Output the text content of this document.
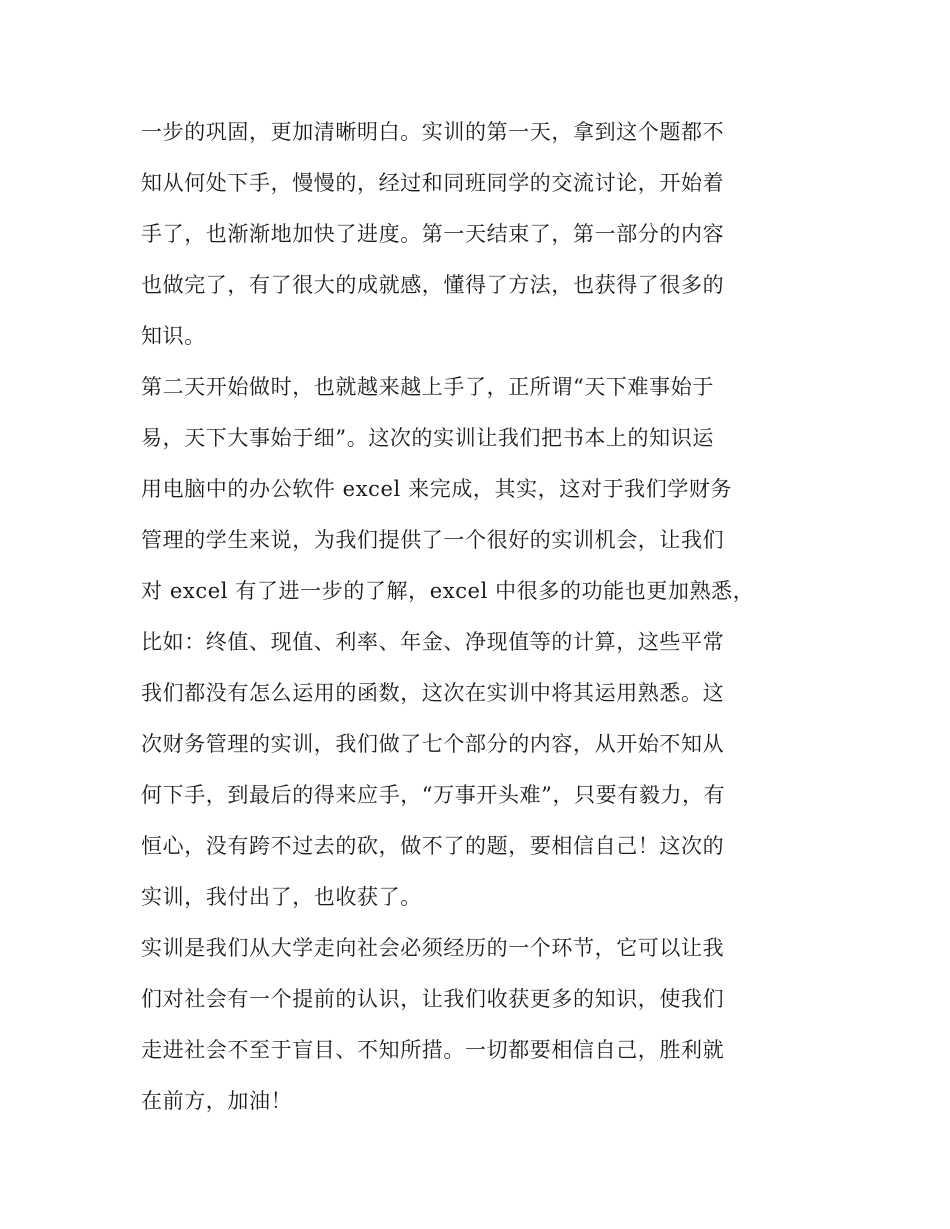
一步的巩固，更加清晰明白。实训的第一天，拿到这个题都不
知从何处下手，慢慢的，经过和同班同学的交流讨论，开始着
手了，也渐渐地加快了进度。第一天结束了，第一部分的内容
也做完了，有了很大的成就感，懂得了方法，也获得了很多的
知识。
第二天开始做时，也就越来越上手了，正所谓“天下难事始于
易，天下大事始于细”。这次的实训让我们把书本上的知识运
用电脑中的办公软件 excel 来完成，其实，这对于我们学财务
管理的学生来说，为我们提供了一个很好的实训机会，让我们
对 excel 有了进一步的了解，excel 中很多的功能也更加熟悉，
比如：终值、现值、利率、年金、净现值等的计算，这些平常
我们都没有怎么运用的函数，这次在实训中将其运用熟悉。这
次财务管理的实训，我们做了七个部分的内容，从开始不知从
何下手，到最后的得来应手，“万事开头难”，只要有毅力，有
恒心，没有跨不过去的砍，做不了的题，要相信自己！这次的
实训，我付出了，也收获了。
实训是我们从大学走向社会必须经历的一个环节，它可以让我
们对社会有一个提前的认识，让我们收获更多的知识，使我们
走进社会不至于盲目、不知所措。一切都要相信自己，胜利就
在前方，加油！
